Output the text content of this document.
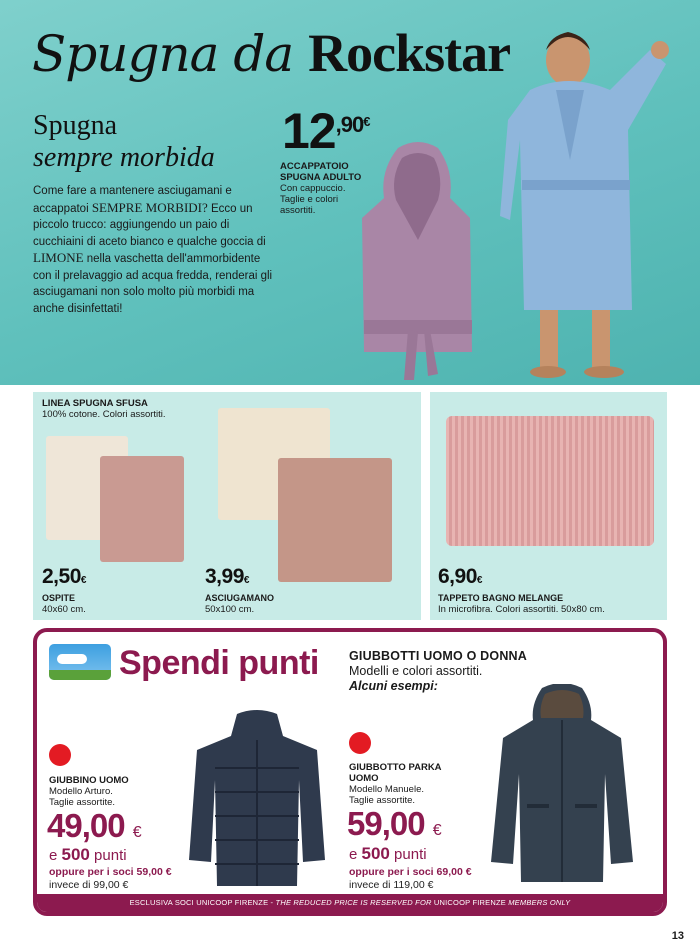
Spugna da Rockstar
Spugna
sempre morbida
Come fare a mantenere asciugamani e accappatoi SEMPRE MORBIDI? Ecco un piccolo trucco: aggiungendo un paio di cucchiaini di aceto bianco e qualche goccia di LIMONE nella vaschetta dell'ammorbidente con il prelavaggio ad acqua fredda, renderai gli asciugamani non solo molto più morbidi ma anche disinfettati!
$12^{,90€}$
ACCAPPATOIO
SPUGNA ADULTO
Con cappuccio.
Taglie e colori
assortiti.
LINEA SPUGNA SFUSA
100% cotone. Colori assortiti.
2,50€
OSPITE
40x60 cm.
3,99€
ASCIUGAMANO
50x100 cm.
6,90€
TAPPETO BAGNO MELANGE
In microfibra. Colori assortiti. 50x80 cm.
Spendi punti GIUBBOTTI UOMO O DONNA
Modelli e colori assortiti.
Alcuni esempi:
GIUBBINO UOMO
Modello Arturo.
Taglie assortite.
49,00 €
e 500 punti
oppure per i soci 59,00 €
invece di 99,00 €
GIUBBOTTO PARKA
UOMO
Modello Manuele.
Taglie assortite.
59,00 €
e 500 punti
oppure per i soci 69,00 €
invece di 119,00 €
ESCLUSIVA SOCI UNICOOP FIRENZE - THE REDUCED PRICE IS RESERVED FOR UNICOOP FIRENZE MEMBERS ONLY
13
